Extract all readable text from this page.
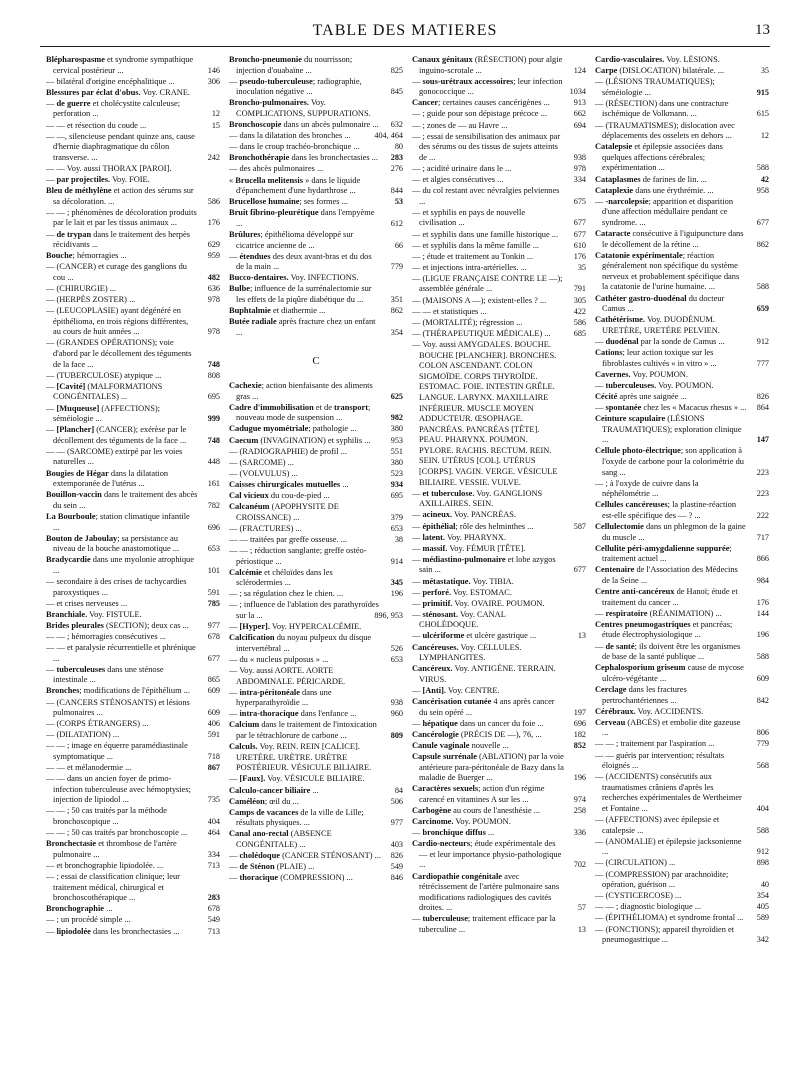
TABLE DES MATIERES	13
Blépharospasme et syndrome sympathique cervical postérieur ...	146
— bilatéral d'origine encéphalitique ...	306
Blessures par éclat d'obus. Voy. CRANE.
— de guerre et cholécystite calculeuse; perforation ...	12
— — et résection du coude ...	15
— —, silencieuse pendant quinze ans, cause d'hernie diaphragmatique du côlon transverse. ...	242
— — Voy. aussi THORAX [PAROI].
— par projectiles. Voy. FOIE.
Bleu de méthylène et action des sérums sur sa décoloration. ...	586
— — ; phénomènes de décoloration produits par le lait et par les tissus animaux ...	176
— de trypan dans le traitement des herpès récidivants ...	629
Bouche; hémorragies ...	959
— (CANCER) et curage des ganglions du cou ...	482
— (CHIRURGIE) ...	636
— (HERPÈS ZOSTER) ...	978
— (LEUCOPLASIE) ayant dégénéré en épithélioma, en trois régions différentes, au cours de huit années ...	978
— (GRANDES OPÉRATIONS); voie d'abord par le décollement des téguments de la face ...	748
— (TUBERCULOSE) atypique ...	808
— [Cavité] (MALFORMATIONS CONGÉNITALES) ...	695
— [Muqueuse] (AFFECTIONS); séméiologie ...	999
— [Plancher] (CANCER); exérèse par le décollement des téguments de la face ...	748
— — (SARCOME) extirpé par les voies naturelles ...	448
Bougies de Hégar dans la dilatation extemporanée de l'utérus ...	161
Bouillon-vaccin dans le traitement des abcès du sein ...	782
La Bourboule; station climatique infantile ...	696
Bouton de Jaboulay; sa persistance au niveau de la bouche anastomotique ...	653
Bradycardie dans une myolonie atrophique ...	101
— secondaire à des crises de tachycardies paroxystiques ...	591
— et crises nerveuses ...	785
Branchiale. Voy. FISTULE.
Brides pleurales (SECTION); deux cas ...	977
— — ; hémorragies consécutives ...	678
— — et paralysie récurrentielle et phrénique ...	677
— tuberculeuses dans une sténose intestinale ...	865
Bronches; modifications de l'épithélium ...	609
— (CANCERS STÉNOSANTS) et lésions pulmonaires ...	609
— (CORPS ÉTRANGERS) ...	406
— (DILATATION) ...	591
— — ; image en équerre paramédiastinale symptomatique ...	718
— — et mélanodermie ...	867
— — dans un ancien foyer de primo-infection tuberculeuse avec hémoptysies; injection de lipiodol ...	735
— — ; 50 cas traités par la méthode bronchoscopique ...	404
— — ; 50 cas traités par bronchoscopie ...	464
Bronchectasie et thrombose de l'artère pulmonaire ...	334
— et bronchographie lipiodolée. ...	713
— ; essai de classification clinique; leur traitement médical, chirurgical et bronchoscothérapique ...	283
Bronchographie ...	678
— ; un procédé simple ...	549
— lipiodolée dans les bronchectasies ...	713
Broncho-pneumonie du nourrisson; injection d'ouabaïne ...	825
— pseudo-tuberculeuse; radiographie, inoculation négative ...	845
Broncho-pulmonaires. Voy. COMPLICATIONS, SUPPURATIONS.
Bronchoscopie dans un abcès pulmonaire ... 632
— dans la dilatation des bronches ...	404, 464
— dans le croup trachéo-bronchique ...	80
Bronchothérapie dans les bronchectasies ...	283
— des abcès pulmonaires ...	276
« Brucella melitensis » dans le liquide d'épanchement d'une hydarthrose ...	844
Brucellose humaine; ses formes ...	53
Bruit fibrino-pleurétique dans l'empyème ...	612
Brûlures; épithélioma développé sur cicatrice ancienne de ...	66
— étendues des deux avant-bras et du dos de la main ...	779
Bucco-dentaires. Voy. INFECTIONS.
Bulbe; influence de la surrénalectomie sur les effets de la piqûre diabétique du ...	351
Buphtalmie et diathermie ...	862
Butée radiale après fracture chez un enfant ...	354
C
Cachexie; action bienfaisante des aliments gras ...	625
Cadre d'immobilisation et de transport; nouveau mode de suspension ...	982
Cadugue myométriale; pathologie ...	380
Caecum (INVAGINATION) et syphilis ...	953
— (RADIOGRAPHIE) de profil ...	551
— (SARCOME) ...	380
— (VOLVULUS) ...	523
Caisses chirurgicales mutuelles ...	934
Cal vicieux du cou-de-pied ...	695
Calcanéum (APOPHYSITE DE CROISSANCE) ...	379
— (FRACTURES) ...	653
— — traitées par greffe osseuse. ...	38
— — ; réduction sanglante; greffe ostéo-périostique ...	914
Calcémie et chéloïdes dans les sclérodermies ...	345
— ; sa régulation chez le chien. ...	196
— ; influence de l'ablation des parathyroïdes sur la ...	896, 953
— [Hyper]. Voy. HYPERCALCÉMIE.
Calcification du noyau pulpeux du disque intervertébral ...	526
— du « nucleus pulposus » ...	653
— Voy. aussi AORTE. AORTE ABDOMINALE. PÉRICARDE.
— intra-péritonéale dans une hyperparathyroïdie ...	938
— intra-thoracique dans l'enfance ...	960
Calcium dans le traitement de l'intoxication par le tétrachlorure de carbone ...	809
Calculs. Voy. REIN. REIN [CALICE]. URETÈRE. URÈTRE. URÈTRE POSTÉRIEUR. VÉSICULE BILIAIRE.
— [Faux]. Voy. VÉSICULE BILIAIRE.
Calculo-cancer biliaire ...	84
Caméléon; œil du ...	506
Camps de vacances de la ville de Lille; résultats physiques. ...	977
Canal ano-rectal (ABSENCE CONGÉNITALE) ...	403
— cholédoque (CANCER STÉNOSANT) ... 826
— de Sténon (PLAIE) ...	549
— thoracique (COMPRESSION) ...	846
Canaux génitaux (RÉSECTION) pour algie inguino-scrotale ...	124
— sous-urétraux accessoires; leur infection gonococcique ...	1034
Cancer; certaines causes cancérigènes ...	913
— ; guide pour son dépistage précoce ...	662
— ; zones de — au Havre ...	694
— ; essai de sensibilisation des animaux par des sérums ou des tissus de sujets atteints de ...	938
— ; acidité urinaire dans le ...	978
— et algies consécutives ...	334
— du col restant avec névralgies pelviennes ...	675
— et syphilis en pays de nouvelle civilisation ...	677
— et syphilis dans une famille historique ...	677
— et syphilis dans la même famille ...	610
— ; étude et traitement au Tonkin ...	176
— et injections intra-artérielles. ...	35
— (LIGUE FRANÇAISE CONTRE LE —); assemblée générale ...	791
— (MAISONS A —); existent-elles ? ...	305
— — et statistiques ...	422
— (MORTALITÉ); régression ...	586
— (THÉRAPEUTIQUE MÉDICALE) ...	685
— Voy. aussi AMYGDALES. BOUCHE. BOUCHE [PLANCHER]. BRONCHES. COLON ASCENDANT. COLON SIGMOÏDE. CORPS THYROÏDE. ESTOMAC. FOIE. INTESTIN GRÊLE. LANGUE. LARYNX. MAXILLAIRE INFÉRIEUR. MUSCLE MOYEN ADDUCTEUR. ŒSOPHAGE. PANCRÉAS. PANCRÉAS [TÊTE]. PEAU. PHARYNX. POUMON. PYLORE. RACHIS. RECTUM. REIN. SEIN. UTÉRUS [COL]. UTÉRUS [CORPS]. VAGIN. VERGE. VÉSICULE BILIAIRE. VESSIE. VULVE.
— et tuberculose. Voy. GANGLIONS AXILLAIRES. SEIN.
— acineux. Voy. PANCRÉAS.
— épithélial; rôle des helminthes ...	587
— latent. Voy. PHARYNX.
— massif. Voy. FÉMUR [TÊTE].
— médiastino-pulmonaire et lobe azygos sain ...	677
— métastatique. Voy. TIBIA.
— perforé. Voy. ESTOMAC.
— primitif. Voy. OVAIRE. POUMON.
— sténosant. Voy. CANAL CHOLÉDOQUE.
— ulcériforme et ulcère gastrique ...	13
Cancéreuses. Voy. CELLULES. LYMPHANGITES.
Cancéreux. Voy. ANTIGÈNE. TERRAIN. VIRUS.
— [Anti]. Voy. CENTRE.
Cancérisation cutanée 4 ans après cancer du sein opéré ...	197
— hépatique dans un cancer du foie ...	696
Cancérologie (PRÉCIS DE —), 76, ...	182
Canule vaginale nouvelle ...	852
Capsule surrénale (ABLATION) par la voie antérieure para-péritonéale de Bazy dans la maladie de Buerger ...	196
Caractères sexuels; action d'un régime carencé en vitamines A sur les ...	974
Carbogène au cours de l'anesthésie ...	258
Carcinome. Voy. POUMON.
— bronchique diffus ...	336
Cardio-necteurs; étude expérimentale des — et leur importance physio-pathologique ...	702
Cardiopathie congénitale avec rétrécissement de l'artère pulmonaire sans modifications radiologiques des cavités droites. ...	57
— tuberculeuse; traitement efficace par la tuberculine ...	13
Cardio-vasculaires. Voy. LÉSIONS.
Carpe (DISLOCATION) bilatérale. ...	35
— (LÉSIONS TRAUMATIQUES); séméiologie ...	915
— (RÉSECTION) dans une contracture ischémique de Volkmann. ...	615
— (TRAUMATISMES); dislocation avec déplacements des osselets en dehors ...	12
Catalepsie et épilepsie associées dans quelques affections cérébrales; expérimentation ...	588
Cataplasmes de farines de lin. ...	42
Cataplexie dans une érythrémie. ...	958
— -narcolepsie; apparition et disparition d'une affection médullaire pendant ce syndrome. ...	677
Cataracte consécutive à l'iguipuncture dans le décollement de la rétine ...	862
Catatonie expérimentale; réaction généralement non spécifique du système nerveux et probablement spécifique dans la catatonie de l'urine humaine. ...	588
Cathéter gastro-duodénal du docteur Camus ...	659
Cathétérisme. Voy. DUODÉNUM. URETÈRE, URETÈRE PELVIEN.
— duodénal par la sonde de Camus ...	912
Cations; leur action toxique sur les fibroblastes cultivés « in vitro » ...	777
Cavernes. Voy. POUMON.
— tuberculeuses. Voy. POUMON.
Cécité après une saignée ...	826
— spontanée chez les « Macacus rhesus » ... 864
Ceinture scapulaire (LÉSIONS TRAUMATIQUES); exploration clinique ...	147
Cellule photo-électrique; son application à l'oxyde de carbone pour la colorimétrie du sang ...	223
— ; à l'oxyde de cuivre dans la néphélométrie ...	223
Cellules cancéreuses; la plastine-réaction est-elle spécifique des — ? ...	222
Cellulectomie dans un phlegmon de la gaine du muscle ...	717
Cellulite péri-amygdalienne suppurée; traitement actuel ...	866
Centenaire de l'Association des Médecins de la Seine ...	984
Centre anti-cancéreux de Hanoï; étude et traitement du cancer ...	176
— respiratoire (RÉANIMATION) ...	144
Centres pneumogastriques et pancréas; étude électrophysiologique ...	196
— de santé; ils doivent être les organismes de base de la santé publique ...	588
Cephalosporium griseum cause de mycose ulcéro-végétante ...	609
Cerclage dans les fractures pertrochantériennes ...	842
Cérébraux. Voy. ACCIDENTS.
Cerveau (ABCÈS) et embolie dite gazeuse ...	806
— — ; traitement par l'aspiration ...	779
— — guéris par intervention; résultats éloignés ...	568
— (ACCIDENTS) consécutifs aux traumatismes crâniens d'après les recherches expérimentales de Wertheimer et Fontaine ...	404
— (AFFECTIONS) avec épilepsie et catalepsie ...	588
— (ANOMALIE) et épilepsie jacksonienne ...	912
— (CIRCULATION) ...	898
— (COMPRESSION) par arachnoïdite; opération, guérison ...	40
— (CYSTICERCOSE) ...	354
— — ; diagnostic biologique ...	405
— (ÉPITHÉLIOMA) et syndrome frontal ...	589
— (FONCTIONS); appareil thyroïdien et pneumogastrique ...	342
